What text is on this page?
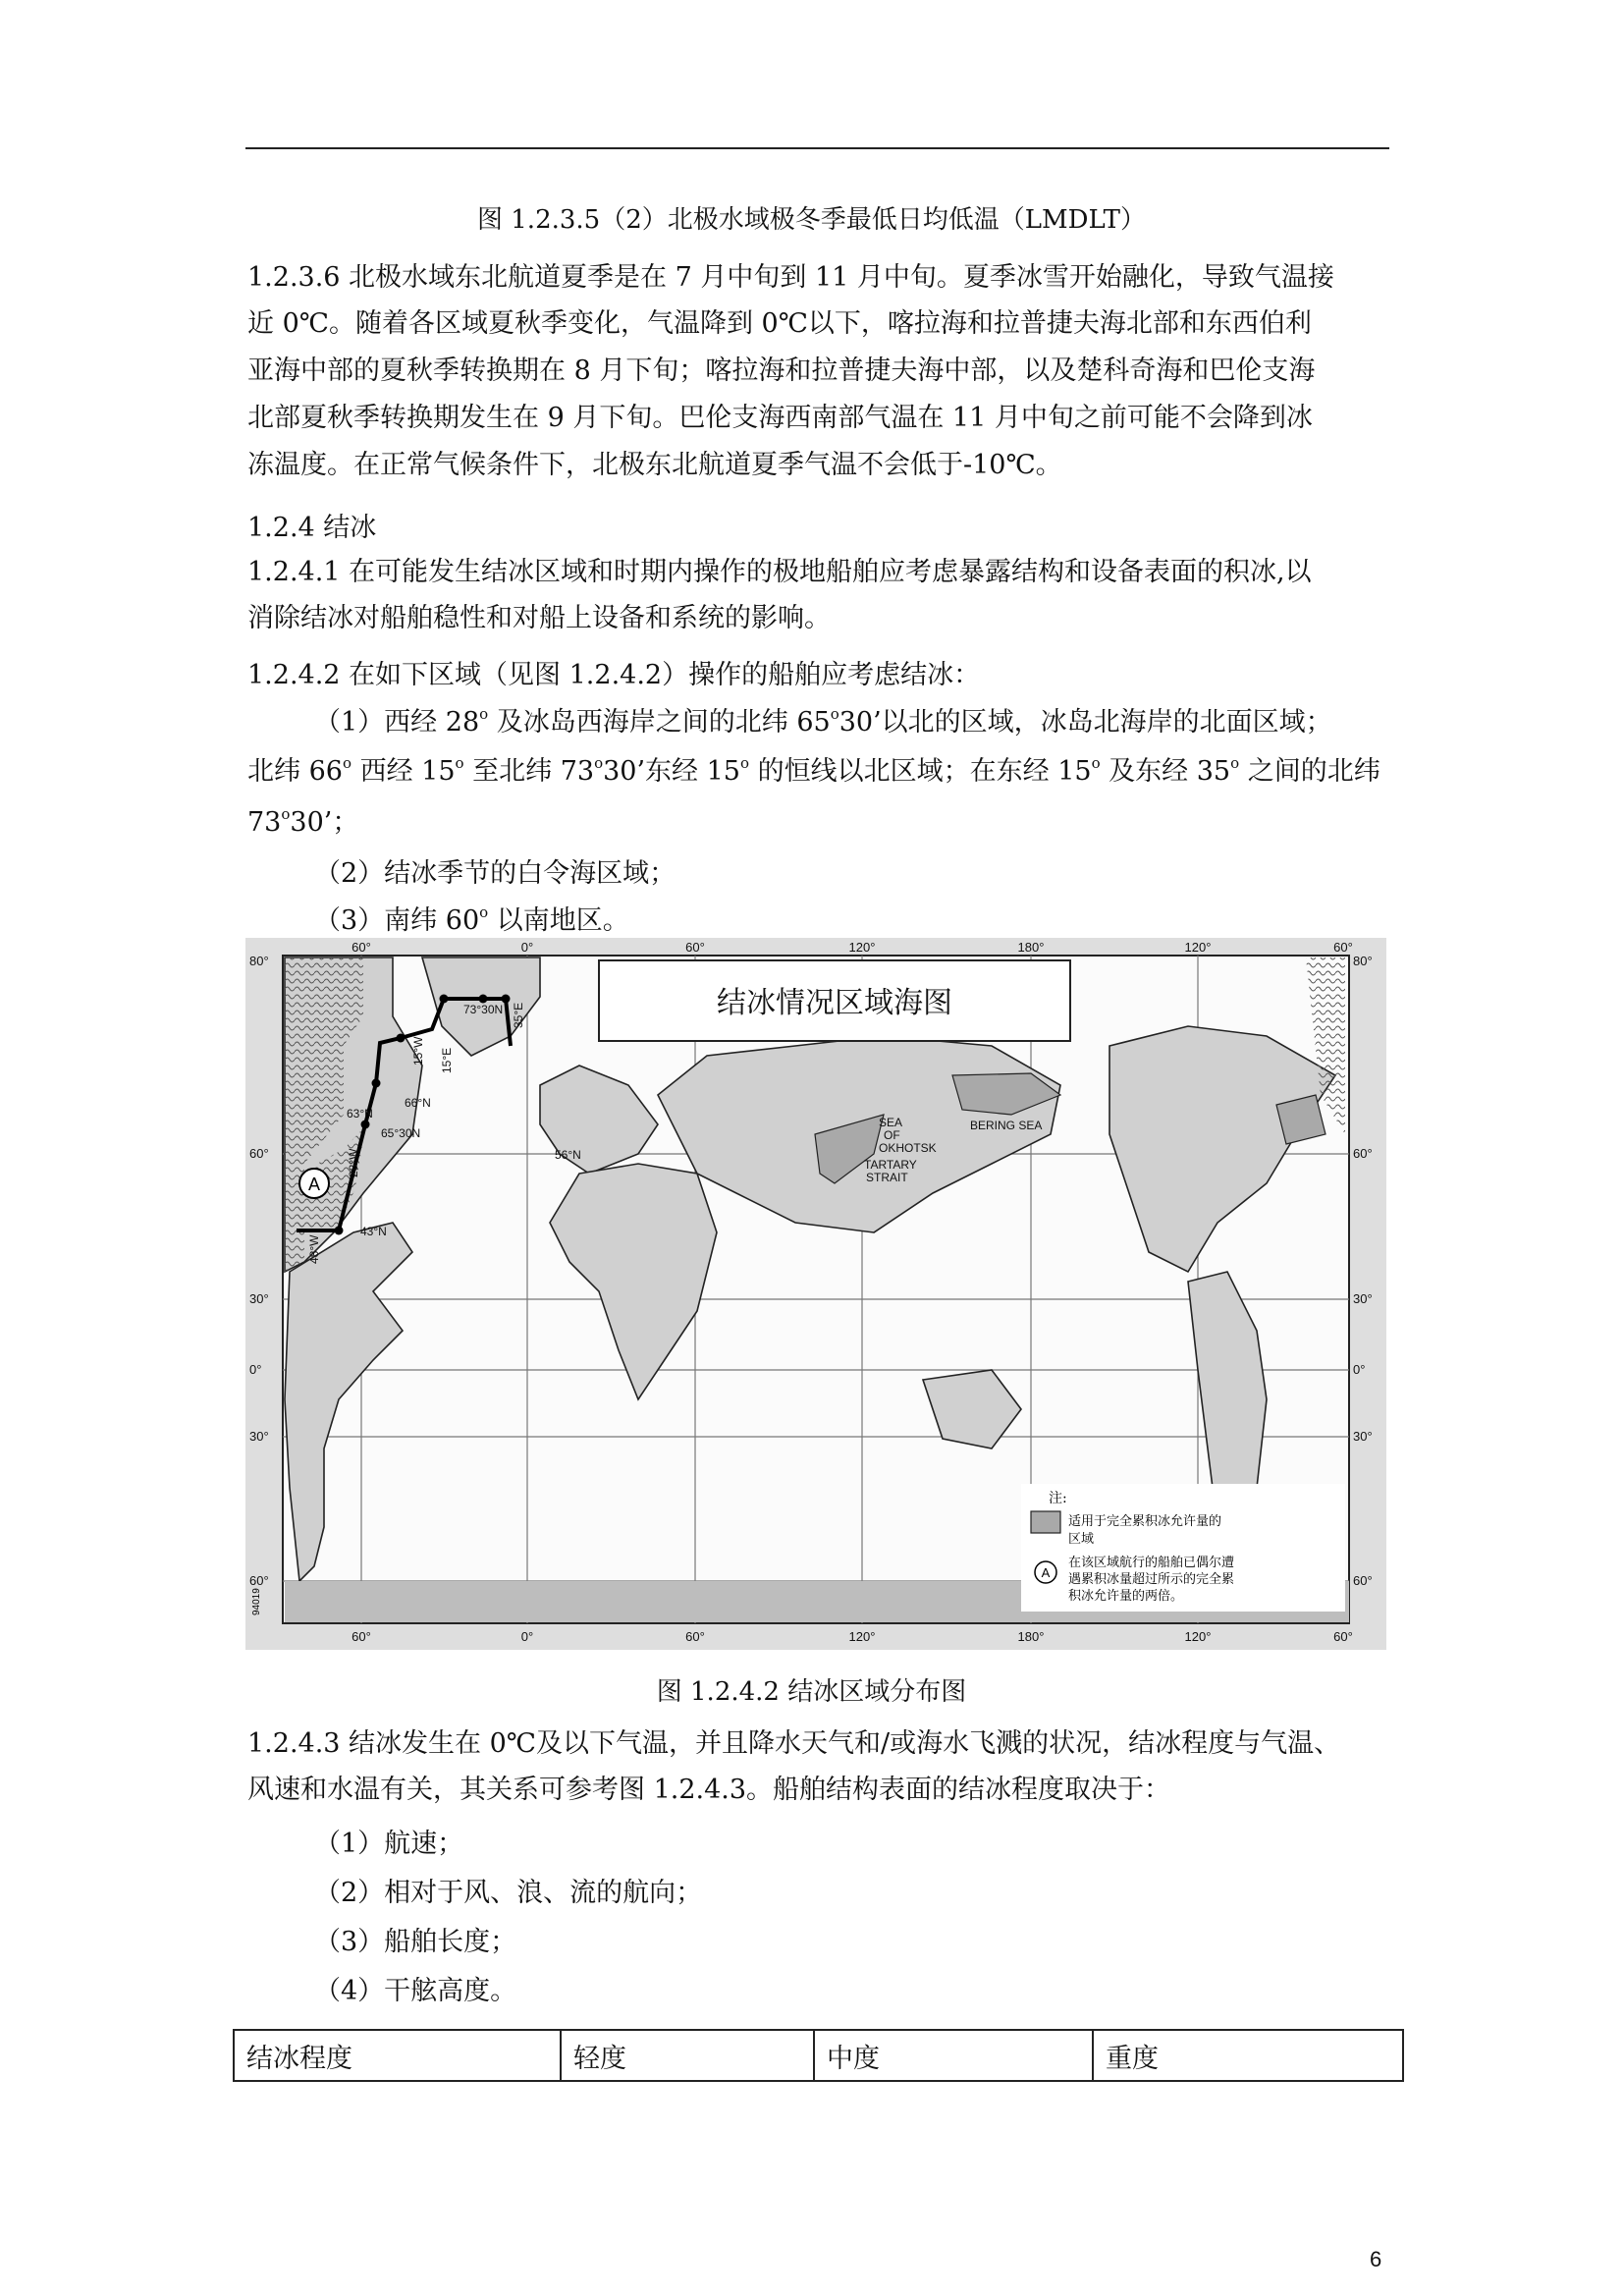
图 1.2.3.5（2）北极水域极冬季最低日均低温（LMDLT）
1.2.3.6 北极水域东北航道夏季是在 7 月中旬到 11 月中旬。夏季冰雪开始融化，导致气温接
近 0℃。随着各区域夏秋季变化，气温降到 0℃以下，喀拉海和拉普捷夫海北部和东西伯利
亚海中部的夏秋季转换期在 8 月下旬；喀拉海和拉普捷夫海中部，以及楚科奇海和巴伦支海
北部夏秋季转换期发生在 9 月下旬。巴伦支海西南部气温在 11 月中旬之前可能不会降到冰
冻温度。在正常气候条件下，北极东北航道夏季气温不会低于-10℃。
1.2.4 结冰
1.2.4.1 在可能发生结冰区域和时期内操作的极地船舶应考虑暴露结构和设备表面的积冰,以
消除结冰对船舶稳性和对船上设备和系统的影响。
1.2.4.2 在如下区域（见图 1.2.4.2）操作的船舶应考虑结冰：
（1）西经 28$^o$ 及冰岛西海岸之间的北纬 65$^o$30’以北的区域，冰岛北海岸的北面区域；
北纬 66$^o$ 西经 15$^o$ 至北纬 73$^o$30’东经 15$^o$ 的恒线以北区域；在东经 15$^o$ 及东经 35$^o$ 之间的北纬
73$^o$30’；
（2）结冰季节的白令海区域；
（3）南纬 60$^o$ 以南地区。
A
63°N
65°30N
66°N
15°W 15°E
73°30N 35°E
56°N
28°W
43°N
48°W
SEA
OF
OKHOTSK
TARTARY
STRAIT
BERING SEA
94019
结冰情况区域海图
60°	0°	60°	120°	180°	120°	60°
60°	0°	60°	120°	180°	120°	60°
80°
60°
30°
0°
30°
60°
80°
60°
30°
0°
30°
60°
注:
适用于完全累积冰允许量的
区域
A
在该区域航行的船舶已偶尔遭
遇累积冰量超过所示的完全累
积冰允许量的两倍。
图 1.2.4.2 结冰区域分布图
1.2.4.3 结冰发生在 0℃及以下气温，并且降水天气和/或海水飞溅的状况，结冰程度与气温、
风速和水温有关，其关系可参考图 1.2.4.3。船舶结构表面的结冰程度取决于：
（1）航速；
（2）相对于风、浪、流的航向；
（3）船舶长度；
（4）干舷高度。
结冰程度	轻度	中度	重度
6
